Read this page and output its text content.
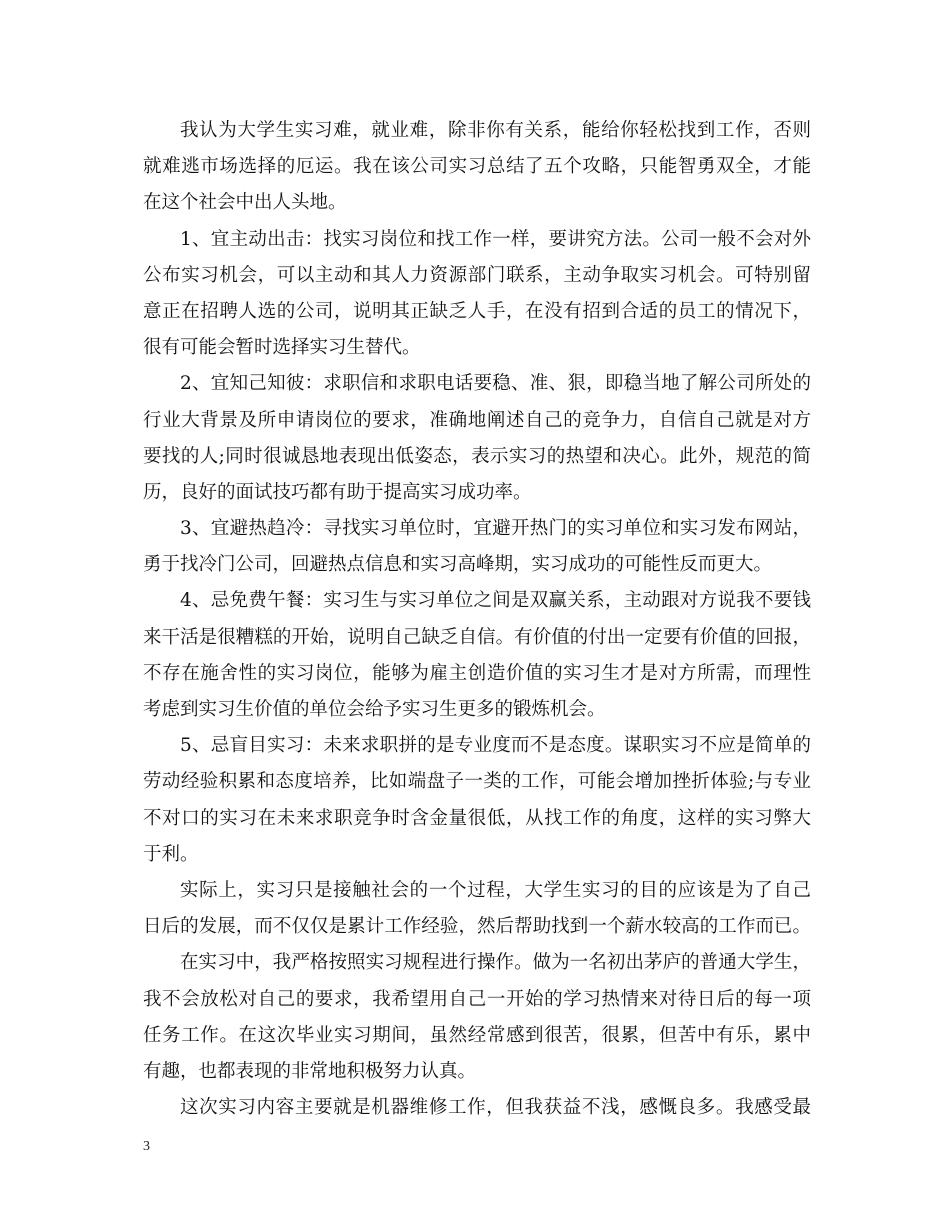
我认为大学生实习难，就业难，除非你有关系，能给你轻松找到工作，否则
就难逃市场选择的厄运。我在该公司实习总结了五个攻略，只能智勇双全，才能
在这个社会中出人头地。
1、宜主动出击：找实习岗位和找工作一样，要讲究方法。公司一般不会对外
公布实习机会，可以主动和其人力资源部门联系，主动争取实习机会。可特别留
意正在招聘人选的公司，说明其正缺乏人手，在没有招到合适的员工的情况下，
很有可能会暂时选择实习生替代。
2、宜知己知彼：求职信和求职电话要稳、准、狠，即稳当地了解公司所处的
行业大背景及所申请岗位的要求，准确地阐述自己的竞争力，自信自己就是对方
要找的人;同时很诚恳地表现出低姿态，表示实习的热望和决心。此外，规范的简
历，良好的面试技巧都有助于提高实习成功率。
3、宜避热趋冷：寻找实习单位时，宜避开热门的实习单位和实习发布网站，
勇于找冷门公司，回避热点信息和实习高峰期，实习成功的可能性反而更大。
4、忌免费午餐：实习生与实习单位之间是双赢关系，主动跟对方说我不要钱
来干活是很糟糕的开始，说明自己缺乏自信。有价值的付出一定要有价值的回报，
不存在施舍性的实习岗位，能够为雇主创造价值的实习生才是对方所需，而理性
考虑到实习生价值的单位会给予实习生更多的锻炼机会。
5、忌盲目实习：未来求职拼的是专业度而不是态度。谋职实习不应是简单的
劳动经验积累和态度培养，比如端盘子一类的工作，可能会增加挫折体验;与专业
不对口的实习在未来求职竞争时含金量很低，从找工作的角度，这样的实习弊大
于利。
实际上，实习只是接触社会的一个过程，大学生实习的目的应该是为了自己
日后的发展，而不仅仅是累计工作经验，然后帮助找到一个薪水较高的工作而已。
在实习中，我严格按照实习规程进行操作。做为一名初出茅庐的普通大学生，
我不会放松对自己的要求，我希望用自己一开始的学习热情来对待日后的每一项
任务工作。在这次毕业实习期间，虽然经常感到很苦，很累，但苦中有乐，累中
有趣，也都表现的非常地积极努力认真。
这次实习内容主要就是机器维修工作，但我获益不浅，感慨良多。我感受最
3
